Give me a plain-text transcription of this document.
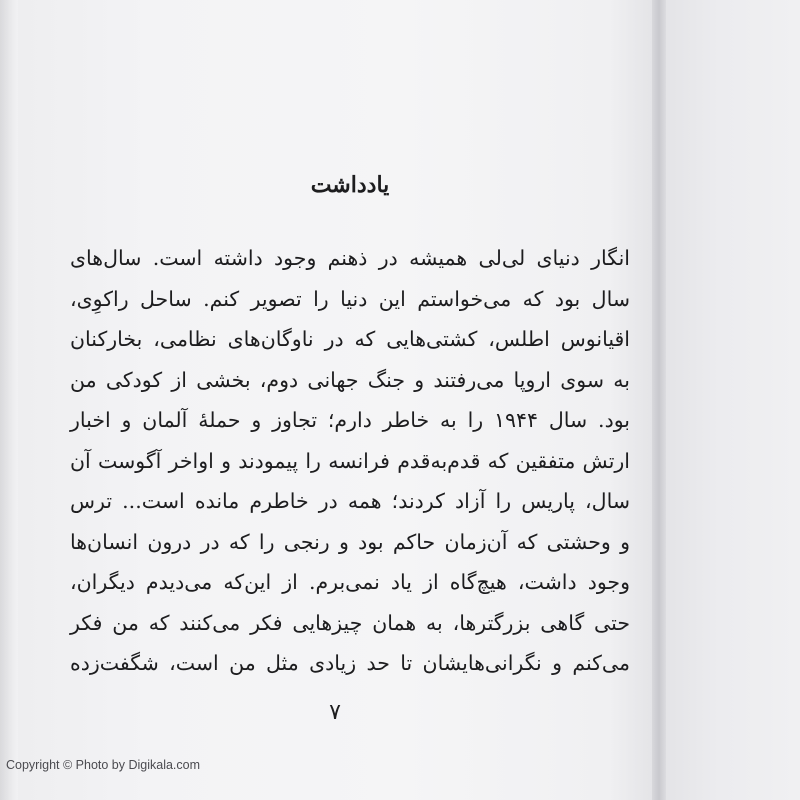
یادداشت
انگار دنیای لی‌لی همیشه در ذهنم وجود داشته است. سال‌های
سال بود که می‌خواستم این دنیا را تصویر کنم. ساحل راکوِی،
اقیانوس اطلس، کشتی‌هایی که در ناوگان‌های نظامی، بخارکنان
به سوی اروپا می‌رفتند و جنگ جهانی دوم، بخشی از کودکی من
بود. سال ۱۹۴۴ را به خاطر دارم؛ تجاوز و حملهٔ آلمان و اخبار
ارتش متفقین که قدم‌به‌قدم فرانسه را پیمودند و اواخر آگوست آن
سال، پاریس را آزاد کردند؛ همه در خاطرم مانده است... ترس
و وحشتی که آن‌زمان حاکم بود و رنجی را که در درون انسان‌ها
وجود داشت، هیچ‌گاه از یاد نمی‌برم. از این‌که می‌دیدم دیگران،
حتی گاهی بزرگترها، به همان چیزهایی فکر می‌کنند که من فکر
می‌کنم و نگرانی‌هایشان تا حد زیادی مثل من است، شگفت‌زده
۷
Copyright © Photo by Digikala.com
